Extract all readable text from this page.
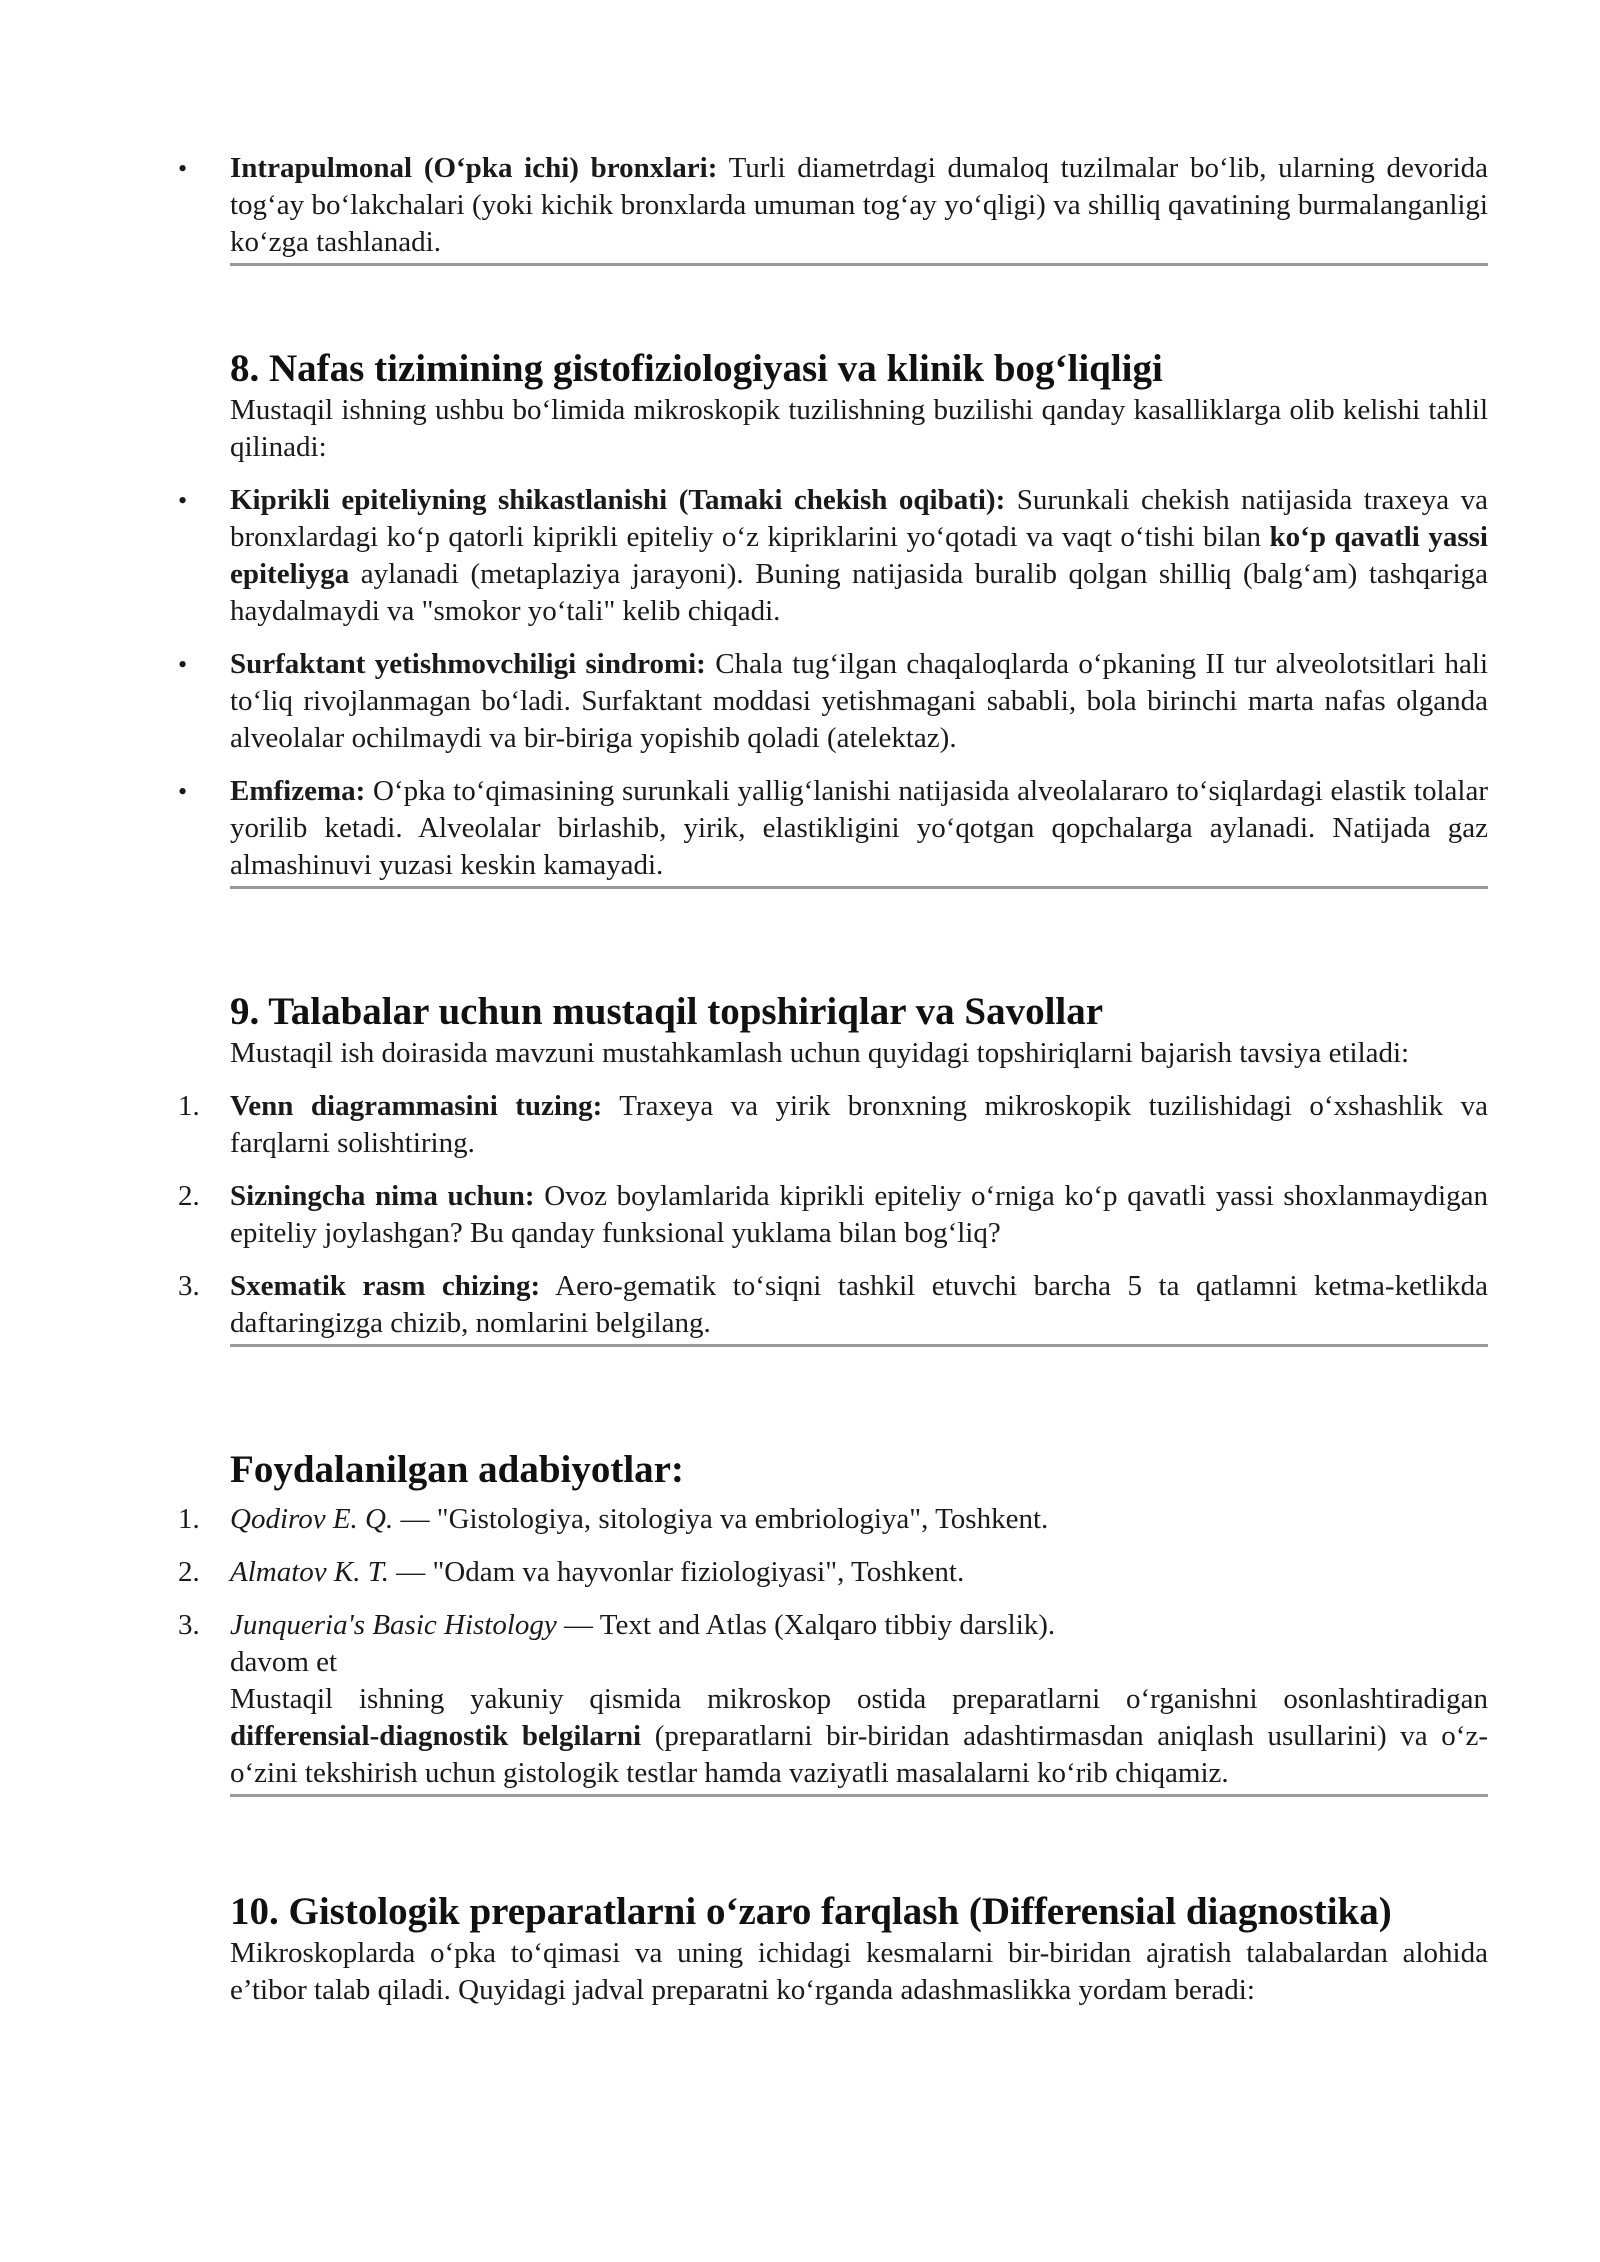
• Intrapulmonal (O‘pka ichi) bronxlari: Turli diametrdagi dumaloq tuzilmalar bo‘lib, ularning devorida tog‘ay bo‘lakchalari (yoki kichik bronxlarda umuman tog‘ay yo‘qligi) va shilliq qavatining burmalanganligi ko‘zga tashlanadi.
8. Nafas tizimining gistofiziologiyasi va klinik bog‘liqligi

Mustaqil ishning ushbu bo‘limida mikroskopik tuzilishning buzilishi qanday kasalliklarga olib kelishi tahlil qilinadi:

• Kiprikli epiteliyning shikastlanishi (Tamaki chekish oqibati): Surunkali chekish natijasida traxeya va bronxlardagi ko‘p qatorli kiprikli epiteliy o‘z kipriklarini yo‘qotadi va vaqt o‘tishi bilan ko‘p qavatli yassi epiteliyga aylanadi (metaplaziya jarayoni). Buning natijasida buralib qolgan shilliq (balg‘am) tashqariga haydalmaydi va "smokor yo‘tali" kelib chiqadi.
• Surfaktant yetishmovchiligi sindromi: Chala tug‘ilgan chaqaloqlarda o‘pkaning II tur alveolotsitlari hali to‘liq rivojlanmagan bo‘ladi. Surfaktant moddasi yetishmagani sababli, bola birinchi marta nafas olganda alveolalar ochilmaydi va bir-biriga yopishib qoladi (atelektaz).
• Emfizema: O‘pka to‘qimasining surunkali yallig‘lanishi natijasida alveolalararo to‘siqlardagi elastik tolalar yorilib ketadi. Alveolalar birlashib, yirik, elastikligini yo‘qotgan qopchalarga aylanadi. Natijada gaz almashinuvi yuzasi keskin kamayadi.
9. Talabalar uchun mustaqil topshiriqlar va Savollar

Mustaqil ish doirasida mavzuni mustahkamlash uchun quyidagi topshiriqlarni bajarish tavsiya etiladi:

1. Venn diagrammasini tuzing: Traxeya va yirik bronxning mikroskopik tuzilishidagi o‘xshashlik va farqlarni solishtiring.
2. Sizningcha nima uchun: Ovoz boylamlarida kiprikli epiteliy o‘rniga ko‘p qavatli yassi shoxlanmaydigan epiteliy joylashgan? Bu qanday funksional yuklama bilan bog‘liq?
3. Sxematik rasm chizing: Aero-gematik to‘siqni tashkil etuvchi barcha 5 ta qatlamni ketma-ketlikda daftaringizga chizib, nomlarini belgilang.
Foydalanilgan adabiyotlar:
1. Qodirov E. Q. — "Gistologiya, sitologiya va embriologiya", Toshkent.
2. Almatov K. T. — "Odam va hayvonlar fiziologiyasi", Toshkent.
3. Junqueria's Basic Histology — Text and Atlas (Xalqaro tibbiy darslik).

davom et

Mustaqil ishning yakuniy qismida mikroskop ostida preparatlarni o‘rganishni osonlashtiradigan differensial-diagnostik belgilarni (preparatlarni bir-biridan adashtirmasdan aniqlash usullarini) va o‘z-o‘zini tekshirish uchun gistologik testlar hamda vaziyatli masalalarni ko‘rib chiqamiz.

10. Gistologik preparatlarni o‘zaro farqlash (Differensial diagnostika)

Mikroskoplarda o‘pka to‘qimasi va uning ichidagi kesmalarni bir-biridan ajratish talabalardan alohida e’tibor talab qiladi. Quyidagi jadval preparatni ko‘rganda adashmaslikka yordam beradi:
